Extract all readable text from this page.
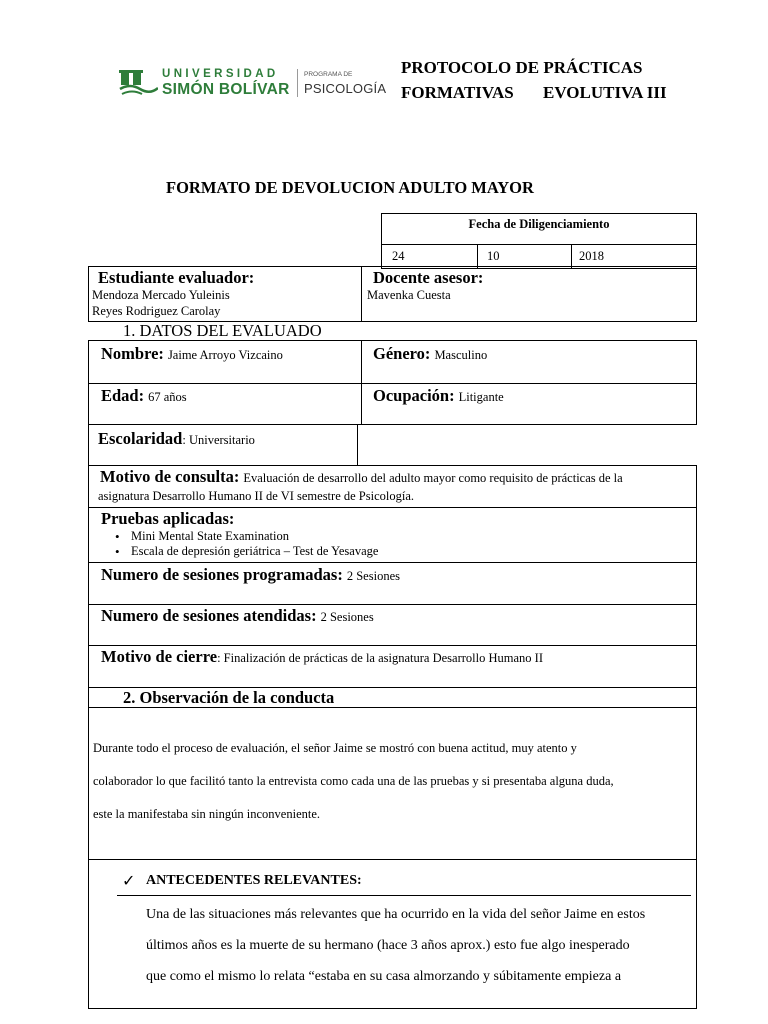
UNIVERSIDAD
SIMÓN BOLÍVAR
PROGRAMA DE
PSICOLOGÍA
PROTOCOLO DE PRÁCTICAS
FORMATIVAS EVOLUTIVA III
FORMATO DE DEVOLUCION ADULTO MAYOR
Fecha de Diligenciamiento
24	10	2018
Estudiante evaluador:
Mendoza Mercado Yuleinis
Reyes Rodriguez Carolay
Docente asesor:
Mavenka Cuesta
1. DATOS DEL EVALUADO
Nombre: Jaime Arroyo Vizcaino	Género: Masculino
Edad: 67 años	Ocupación: Litigante
Escolaridad: Universitario
Motivo de consulta: Evaluación de desarrollo del adulto mayor como requisito de prácticas de la
asignatura Desarrollo Humano II de VI semestre de Psicología.
Pruebas aplicadas:
• Mini Mental State Examination
• Escala de depresión geriátrica – Test de Yesavage
Numero de sesiones programadas: 2 Sesiones
Numero de sesiones atendidas: 2 Sesiones
Motivo de cierre: Finalización de prácticas de la asignatura Desarrollo Humano II
2. Observación de la conducta
Durante todo el proceso de evaluación, el señor Jaime se mostró con buena actitud, muy atento y
colaborador lo que facilitó tanto la entrevista como cada una de las pruebas y si presentaba alguna duda,
este la manifestaba sin ningún inconveniente.
✓ ANTECEDENTES RELEVANTES:
Una de las situaciones más relevantes que ha ocurrido en la vida del señor Jaime en estos
últimos años es la muerte de su hermano (hace 3 años aprox.) esto fue algo inesperado
que como el mismo lo relata “estaba en su casa almorzando y súbitamente empieza a
